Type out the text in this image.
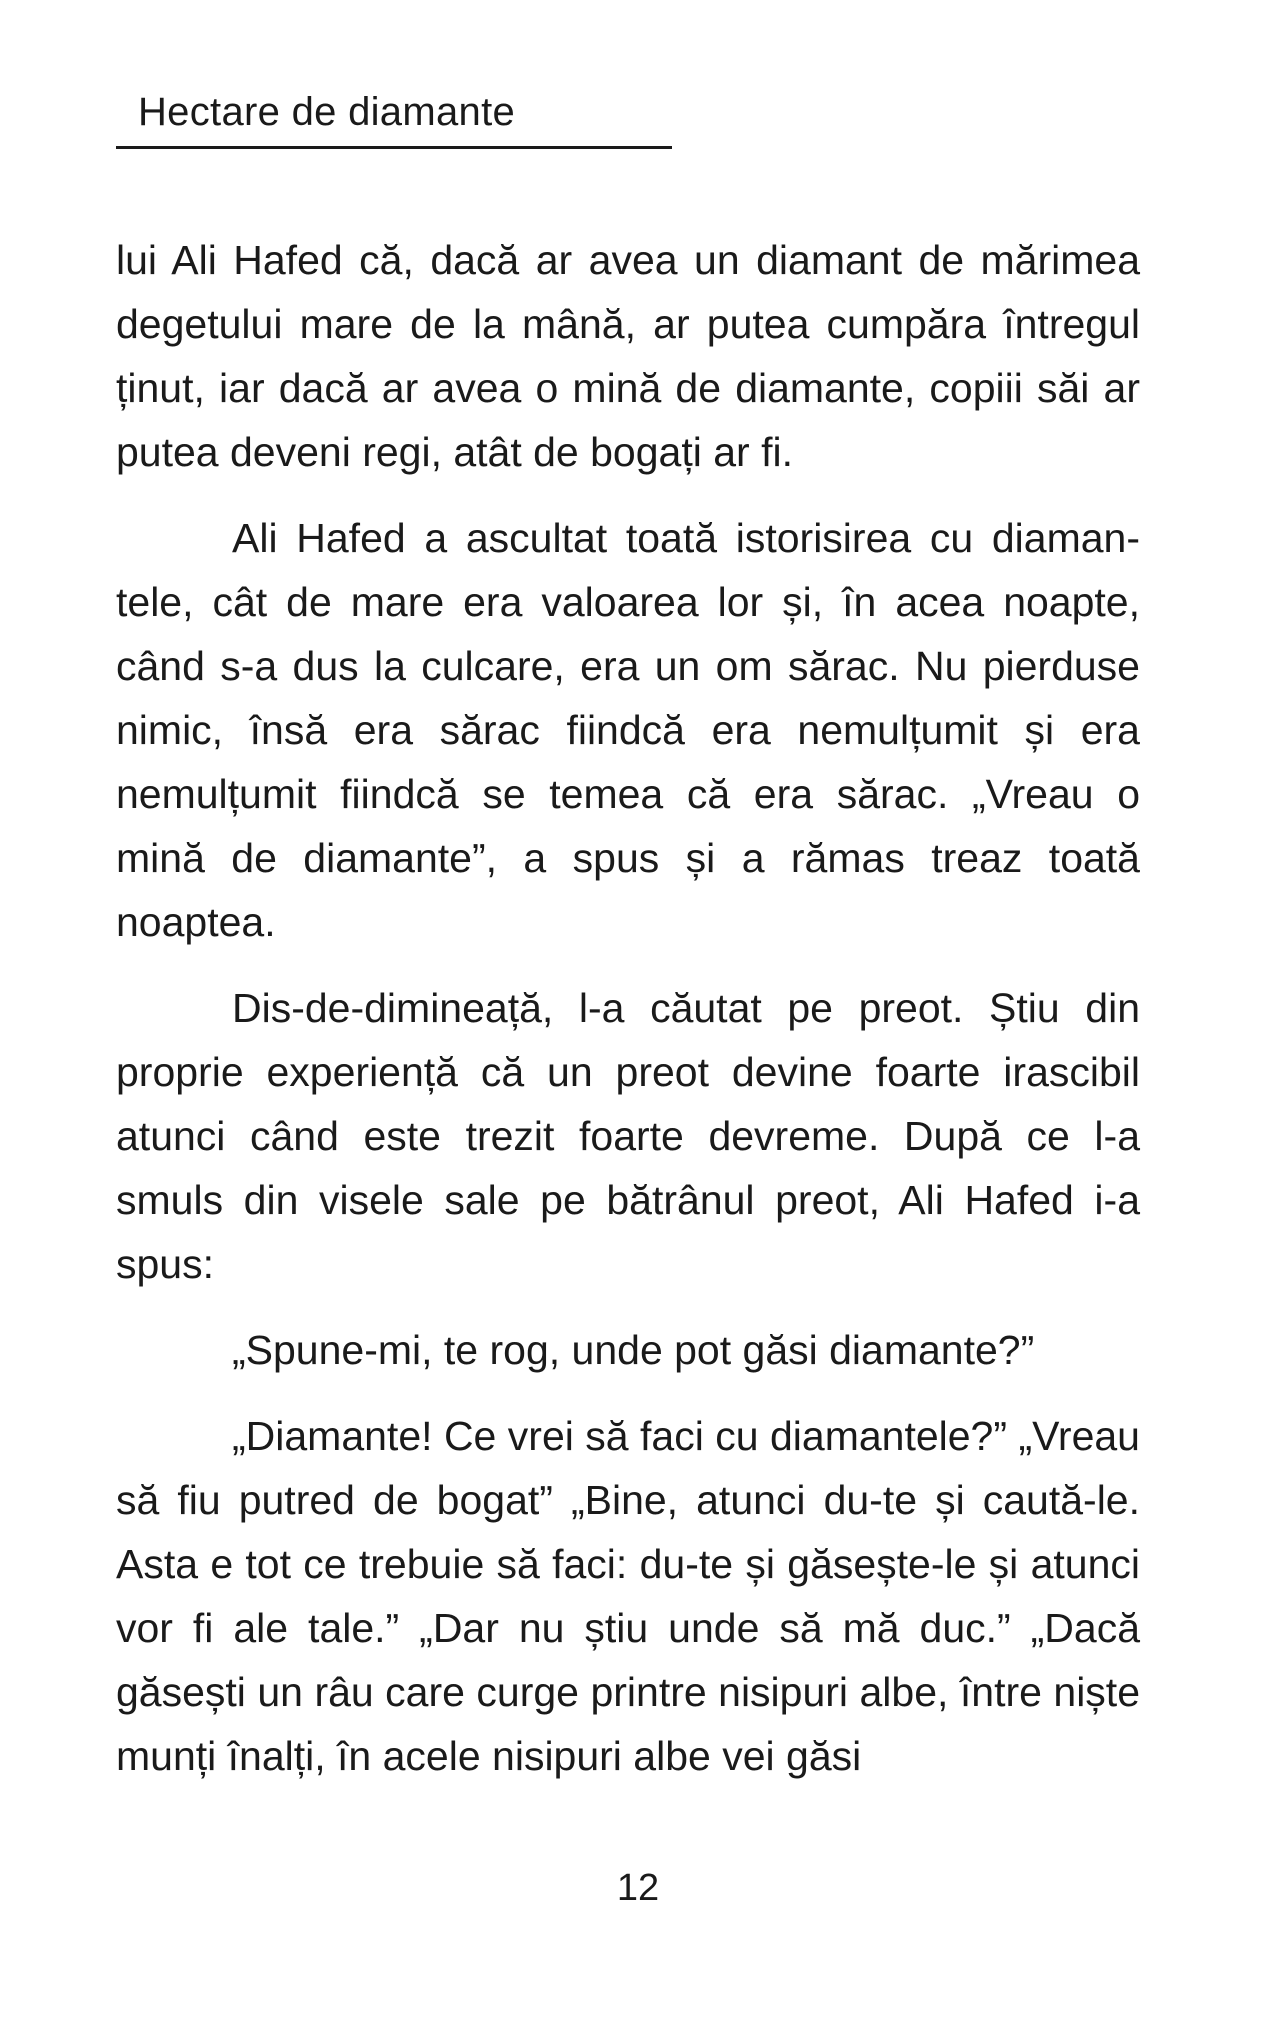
Hectare de diamante

lui Ali Hafed că, dacă ar avea un diamant de mărimea degetului mare de la mână, ar putea cumpăra întregul ținut, iar dacă ar avea o mină de diamante, copiii săi ar putea deveni regi, atât de bogați ar fi.

Ali Hafed a ascultat toată istorisirea cu diamantele, cât de mare era valoarea lor și, în acea noapte, când s-a dus la culcare, era un om sărac. Nu pierduse nimic, însă era sărac fiindcă era nemulțumit și era nemulțumit fiindcă se temea că era sărac. „Vreau o mină de diamante”, a spus și a rămas treaz toată noaptea.

Dis-de-dimineață, l-a căutat pe preot. Știu din proprie experiență că un preot devine foarte irascibil atunci când este trezit foarte devreme. După ce l-a smuls din visele sale pe bătrânul preot, Ali Hafed i-a spus:

„Spune-mi, te rog, unde pot găsi diamante?”

„Diamante! Ce vrei să faci cu diamantele?” „Vreau să fiu putred de bogat” „Bine, atunci du-te și caută-le. Asta e tot ce trebuie să faci: du-te și găsește-le și atunci vor fi ale tale.” „Dar nu știu unde să mă duc.” „Dacă găsești un râu care curge printre nisipuri albe, între niște munți înalți, în acele nisipuri albe vei găsi

12
